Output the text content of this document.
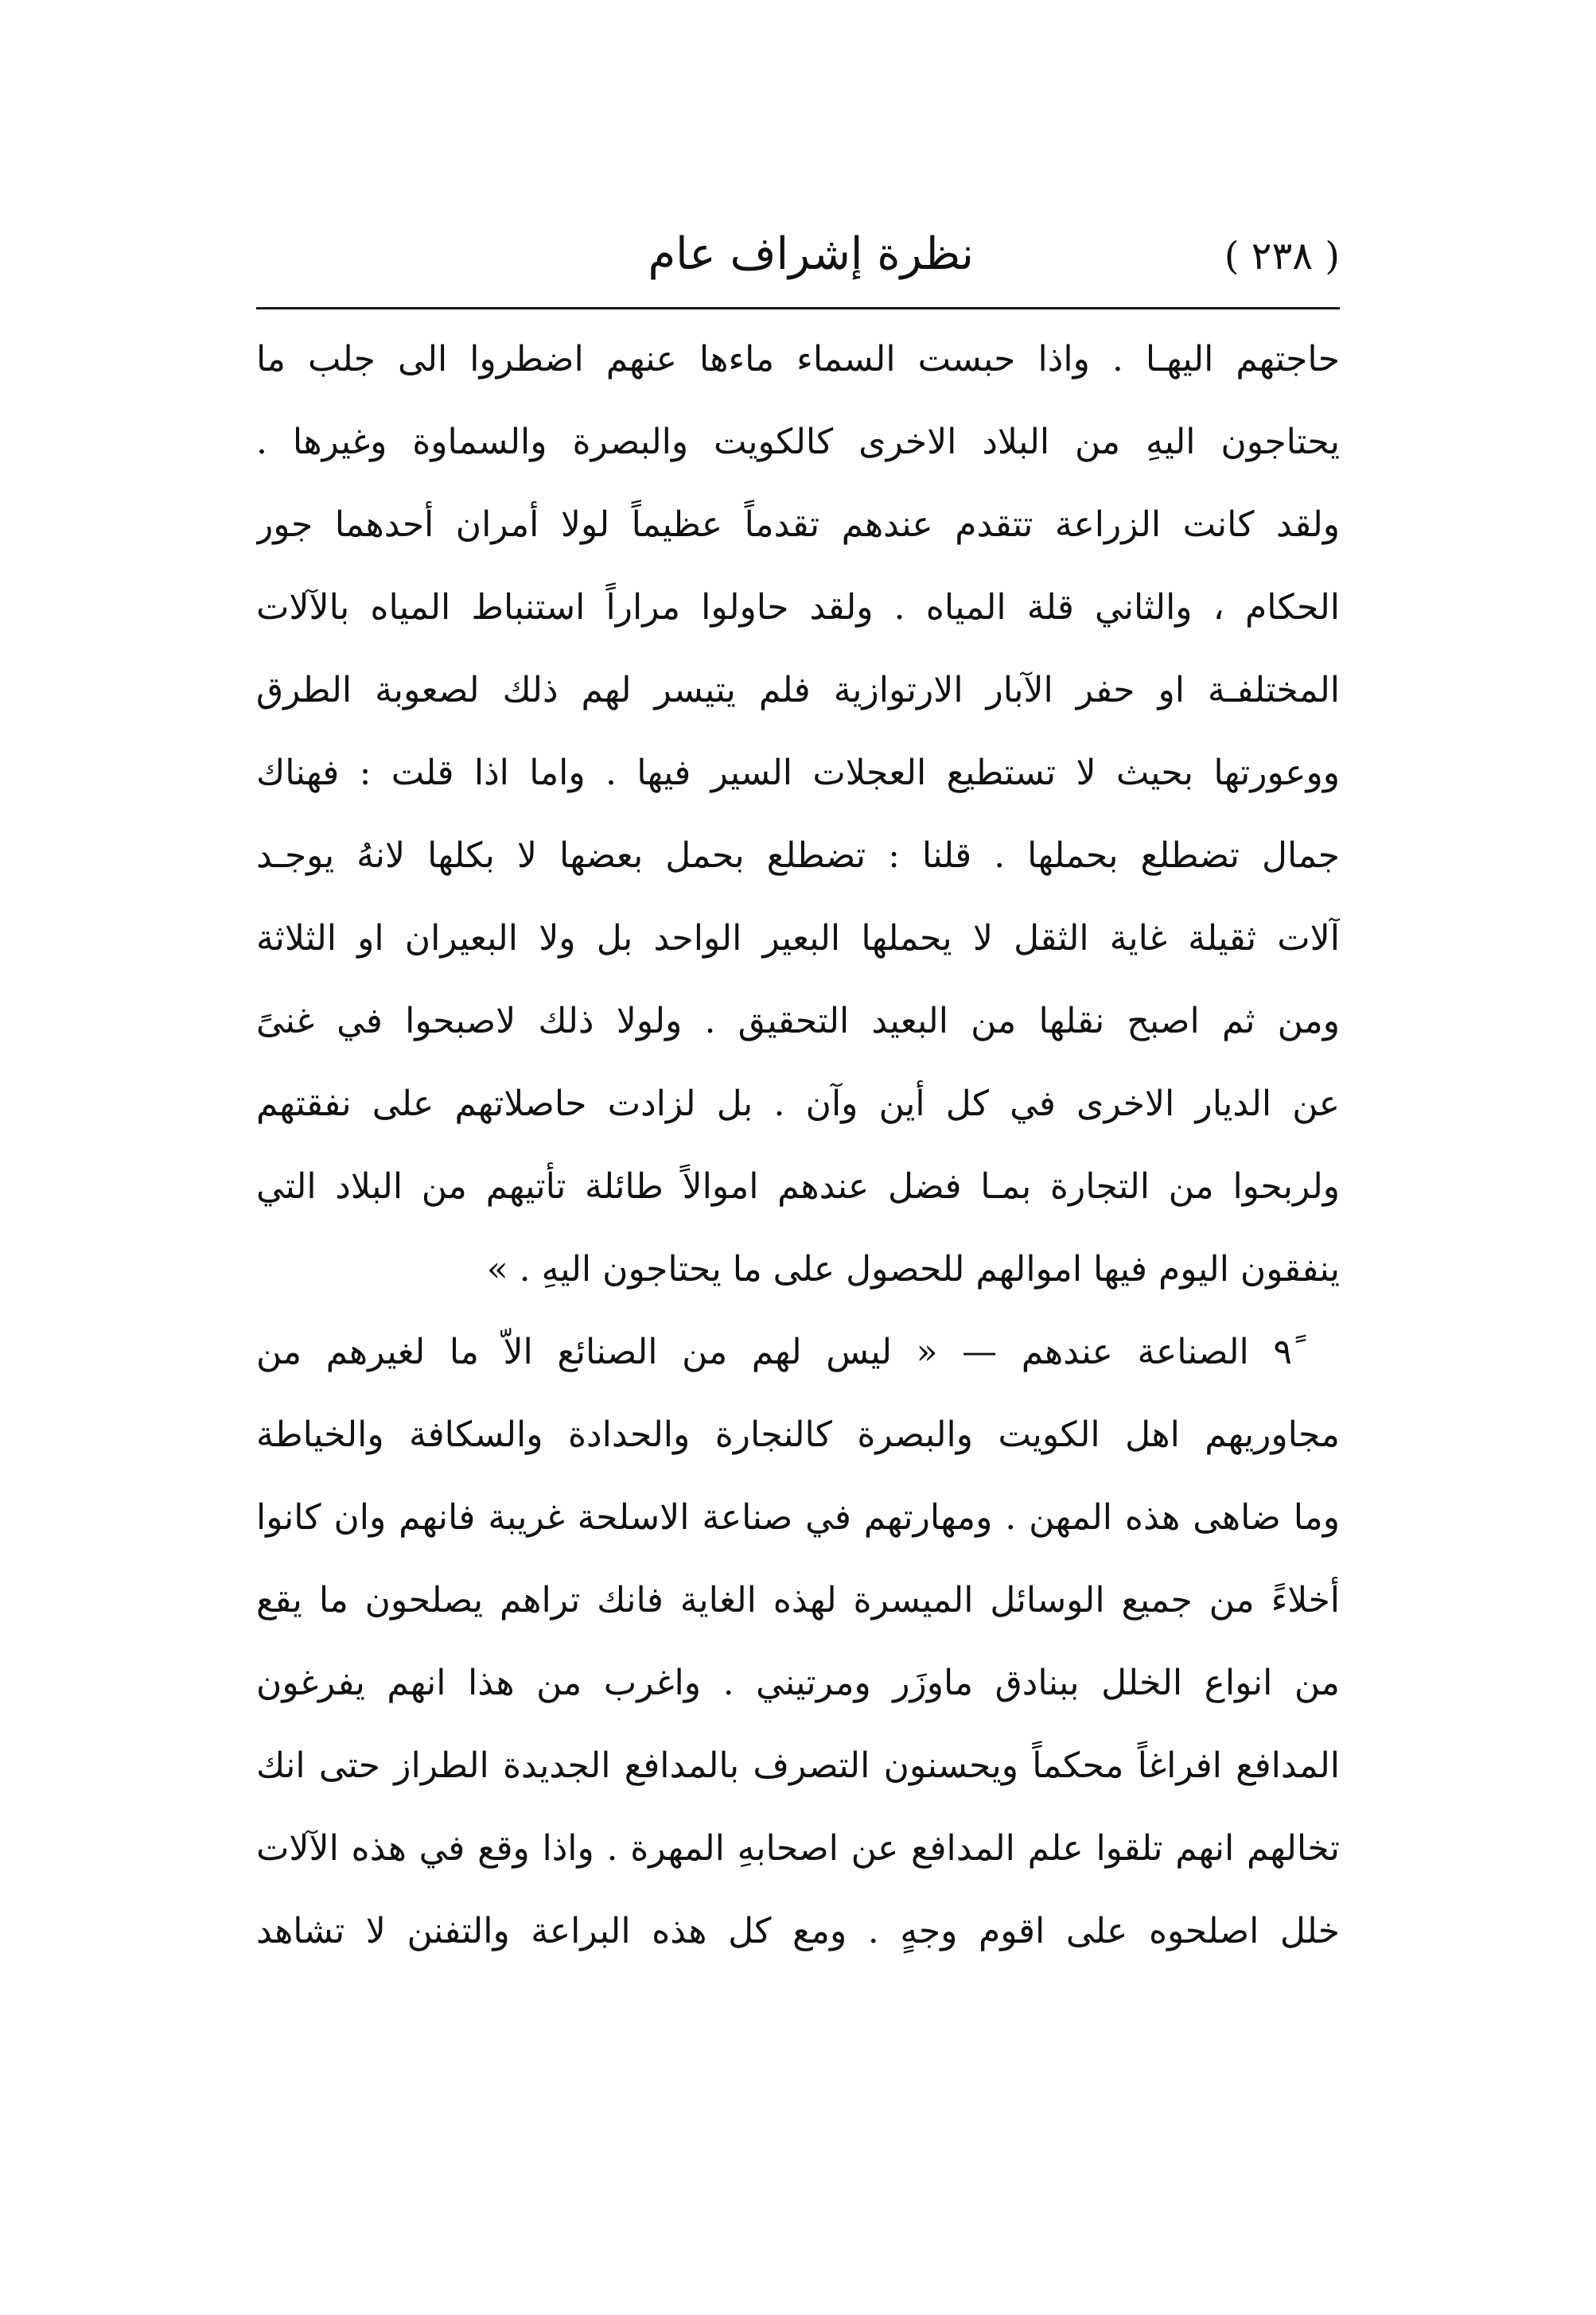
( ٢٣٨ )
نظرة إشراف عام
حاجتهم اليهـا . واذا حبست السماء ماءها عنهم اضطروا الى جلب ما
يحتاجون اليهِ من البلاد الاخرى كالكويت والبصرة والسماوة وغيرها .
ولقد كانت الزراعة تتقدم عندهم تقدماً عظيماً لولا أمران أحدهما جور
الحكام ، والثاني قلة المياه . ولقد حاولوا مراراً استنباط المياه بالآلات
المختلفـة او حفر الآبار الارتوازية فلم يتيسر لهم ذلك لصعوبة الطرق
ووعورتها بحيث لا تستطيع العجلات السير فيها . واما اذا قلت : فهناك
جمال تضطلع بحملها . قلنا : تضطلع بحمل بعضها لا بكلها لانهُ يوجـد
آلات ثقيلة غاية الثقل لا يحملها البعير الواحد بل ولا البعيران او الثلاثة
ومن ثم اصبح نقلها من البعيد التحقيق . ولولا ذلك لاصبحوا في غنىً
عن الديار الاخرى في كل أين وآن . بل لزادت حاصلاتهم على نفقتهم
ولربحوا من التجارة بمـا فضل عندهم اموالاً طائلة تأتيهم من البلاد التي
ينفقون اليوم فيها اموالهم للحصول على ما يحتاجون اليهِ . »
٩ً الصناعة عندهم — « ليس لهم من الصنائع الاّ ما لغيرهم من
مجاوريهم اهل الكويت والبصرة كالنجارة والحدادة والسكافة والخياطة
وما ضاهى هذه المهن . ومهارتهم في صناعة الاسلحة غريبة فانهم وان كانوا
أخلاءً من جميع الوسائل الميسرة لهذه الغاية فانك تراهم يصلحون ما يقع
من انواع الخلل ببنادق ماوزَر ومرتيني . واغرب من هذا انهم يفرغون
المدافع افراغاً محكماً ويحسنون التصرف بالمدافع الجديدة الطراز حتى انك
تخالهم انهم تلقوا علم المدافع عن اصحابهِ المهرة . واذا وقع في هذه الآلات
خلل اصلحوه على اقوم وجهٍ . ومع كل هذه البراعة والتفنن لا تشاهد
